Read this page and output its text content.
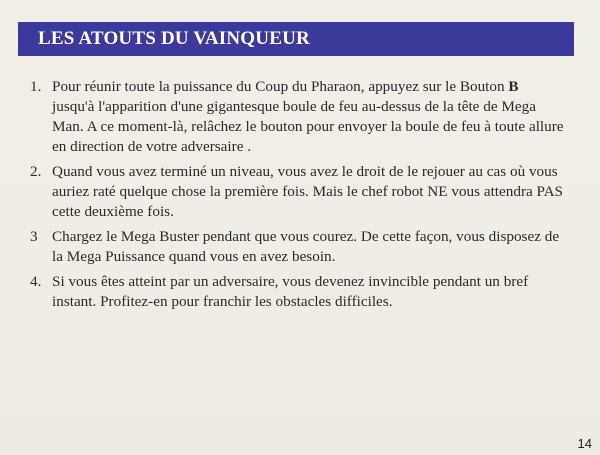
LES ATOUTS DU VAINQUEUR
1. Pour réunir toute la puissance du Coup du Pharaon, appuyez sur le Bouton B jusqu'à l'apparition d'une gigantesque boule de feu au-dessus de la tête de Mega Man. A ce moment-là, relâchez le bouton pour envoyer la boule de feu à toute allure en direction de votre adversaire .
2. Quand vous avez terminé un niveau, vous avez le droit de le rejouer au cas où vous auriez raté quelque chose la première fois. Mais le chef robot NE vous attendra PAS cette deuxième fois.
3 Chargez le Mega Buster pendant que vous courez. De cette façon, vous disposez de la Mega Puissance quand vous en avez besoin.
4. Si vous êtes atteint par un adversaire, vous devenez invincible pendant un bref instant. Profitez-en pour franchir les obstacles difficiles.
14
